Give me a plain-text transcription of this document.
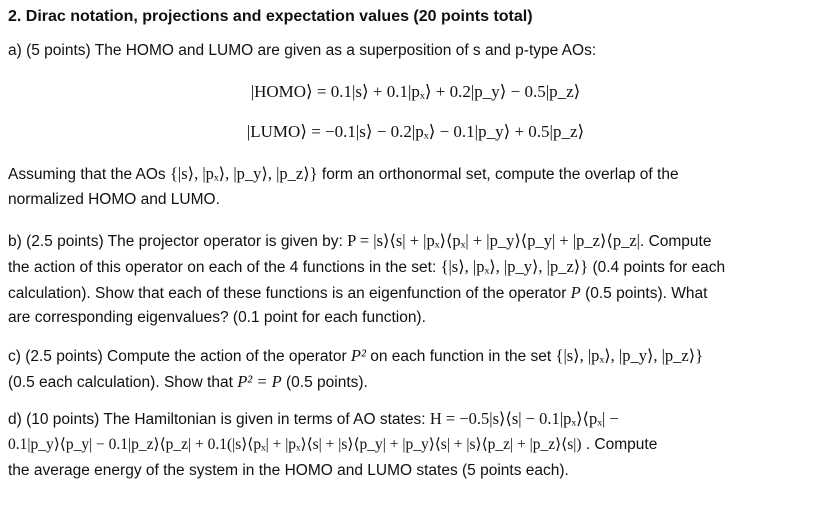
2. Dirac notation, projections and expectation values (20 points total)
a) (5 points) The HOMO and LUMO are given as a superposition of s and p-type AOs:
|HOMO⟩ = 0.1|s⟩ + 0.1|pₓ⟩ + 0.2|p_y⟩ − 0.5|p_z⟩
|LUMO⟩ = −0.1|s⟩ − 0.2|pₓ⟩ − 0.1|p_y⟩ + 0.5|p_z⟩
Assuming that the AOs {|s⟩, |pₓ⟩, |p_y⟩, |p_z⟩} form an orthonormal set, compute the overlap of the
normalized HOMO and LUMO.
b) (2.5 points) The projector operator is given by: P = |s⟩⟨s| + |pₓ⟩⟨pₓ| + |p_y⟩⟨p_y| + |p_z⟩⟨p_z|. Compute
the action of this operator on each of the 4 functions in the set: {|s⟩, |pₓ⟩, |p_y⟩, |p_z⟩} (0.4 points for each
calculation). Show that each of these functions is an eigenfunction of the operator P (0.5 points). What
are corresponding eigenvalues? (0.1 point for each function).
c) (2.5 points) Compute the action of the operator P² on each function in the set {|s⟩, |pₓ⟩, |p_y⟩, |p_z⟩}
(0.5 each calculation). Show that P² = P (0.5 points).
d) (10 points) The Hamiltonian is given in terms of AO states: H = −0.5|s⟩⟨s| − 0.1|pₓ⟩⟨pₓ| −
0.1|p_y⟩⟨p_y| − 0.1|p_z⟩⟨p_z| + 0.1(|s⟩⟨pₓ| + |pₓ⟩⟨s| + |s⟩⟨p_y| + |p_y⟩⟨s| + |s⟩⟨p_z| + |p_z⟩⟨s|) . Compute
the average energy of the system in the HOMO and LUMO states (5 points each).
